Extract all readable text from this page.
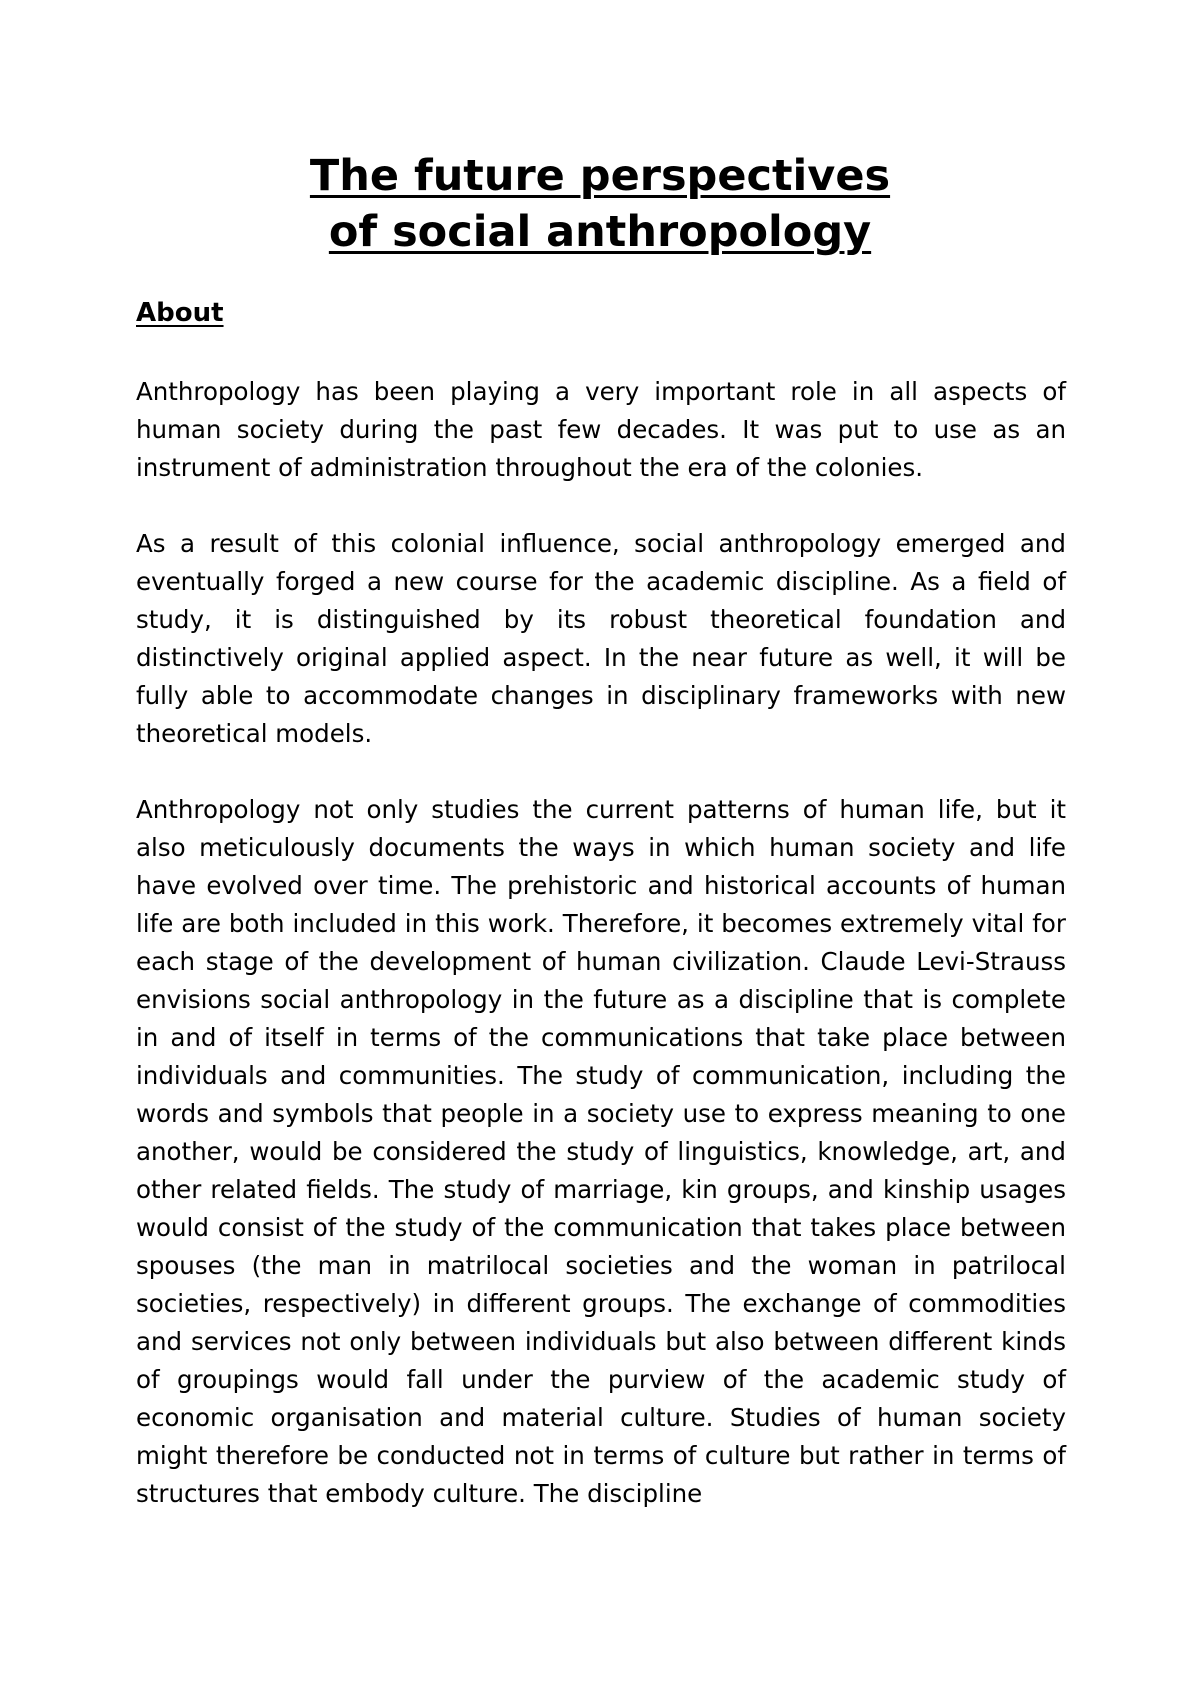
The future perspectives
of social anthropology
About

Anthropology has been playing a very important role in all aspects of human society during the past few decades. It was put to use as an instrument of administration throughout the era of the colonies.

As a result of this colonial influence, social anthropology emerged and eventually forged a new course for the academic discipline. As a field of study, it is distinguished by its robust theoretical foundation and distinctively original applied aspect. In the near future as well, it will be fully able to accommodate changes in disciplinary frameworks with new theoretical models.

Anthropology not only studies the current patterns of human life, but it also meticulously documents the ways in which human society and life have evolved over time. The prehistoric and historical accounts of human life are both included in this work. Therefore, it becomes extremely vital for each stage of the development of human civilization. Claude Levi-Strauss envisions social anthropology in the future as a discipline that is complete in and of itself in terms of the communications that take place between individuals and communities. The study of communication, including the words and symbols that people in a society use to express meaning to one another, would be considered the study of linguistics, knowledge, art, and other related fields. The study of marriage, kin groups, and kinship usages would consist of the study of the communication that takes place between spouses (the man in matrilocal societies and the woman in patrilocal societies, respectively) in different groups. The exchange of commodities and services not only between individuals but also between different kinds of groupings would fall under the purview of the academic study of economic organisation and material culture. Studies of human society might therefore be conducted not in terms of culture but rather in terms of structures that embody culture. The discipline
